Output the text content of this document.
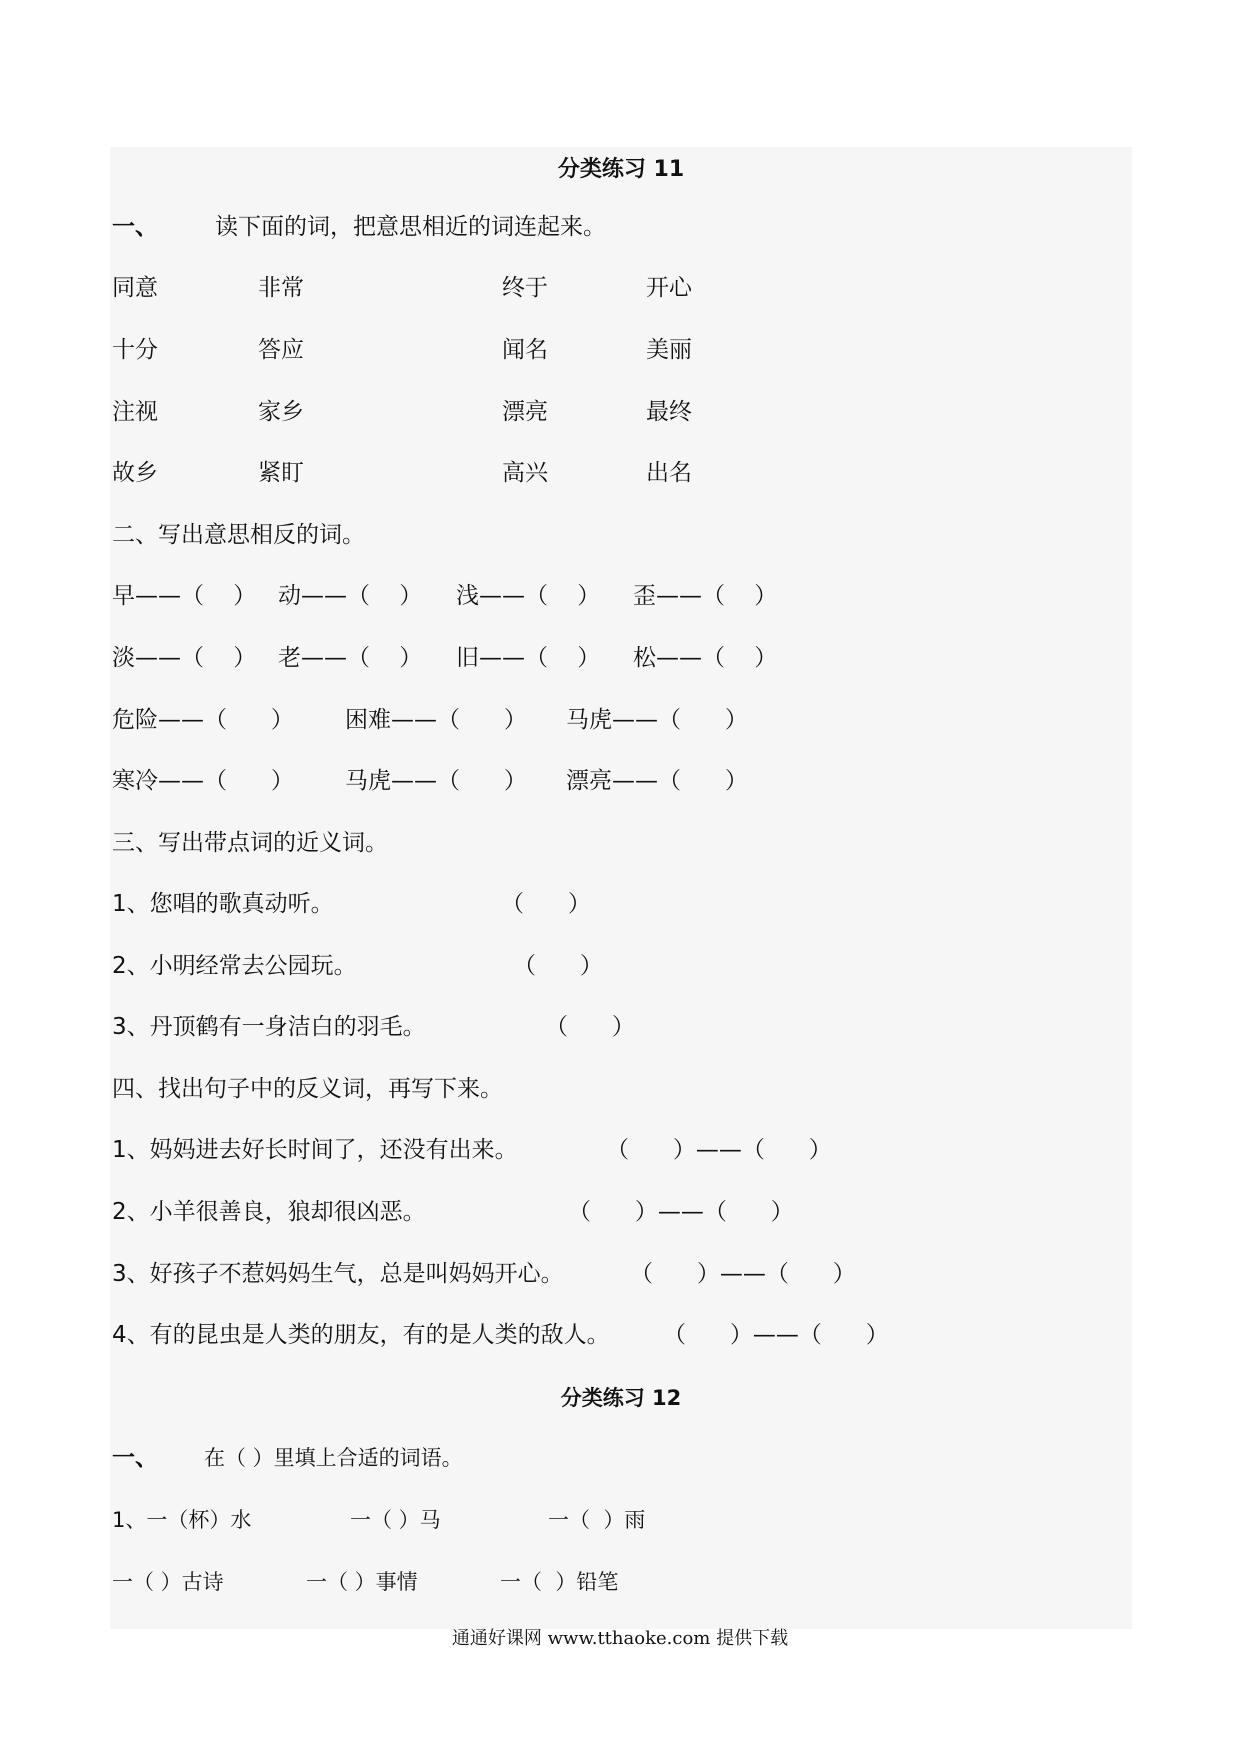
分类练习 11
一、 读下面的词，把意思相近的词连起来。
同意	非常	终于	开心
十分	答应	闻名	美丽
注视	家乡	漂亮	最终
故乡	紧盯	高兴	出名
二、写出意思相反的词。
早——（    ） 动——（    ） 浅——（    ） 歪——（    ）
淡——（    ） 老——（    ） 旧——（    ） 松——（    ）
危险——（      ） 困难——（      ） 马虎——（      ）
寒冷——（      ） 马虎——（      ） 漂亮——（      ）
三、写出带点词的近义词。
1、您唱的歌真动听。	（      ）
2、小明经常去公园玩。	（      ）
3、丹顶鹤有一身洁白的羽毛。	（      ）
四、找出句子中的反义词，再写下来。
1、妈妈进去好长时间了，还没有出来。	（      ）——（      ）
2、小羊很善良，狼却很凶恶。	（      ）——（      ）
3、好孩子不惹妈妈生气，总是叫妈妈开心。	（      ）——（      ）
4、有的昆虫是人类的朋友，有的是人类的敌人。 （      ）——（      ）
分类练习 12
一、 在（ ）里填上合适的词语。
1、一（杯）水	一（ ）马	一（  ）雨
一（ ）古诗	一（ ）事情	一（  ）铅笔
通通好课网 www.tthaoke.com 提供下载
